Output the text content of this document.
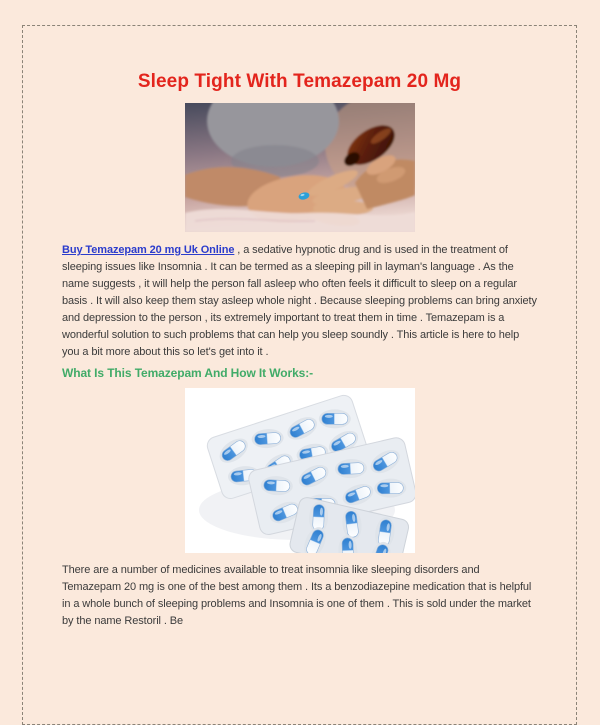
Sleep Tight With Temazepam 20 Mg

Buy Temazepam 20 mg Uk Online , a sedative hypnotic drug and is used in the treatment of sleeping issues like Insomnia . It can be termed as a sleeping pill in layman's language . As the name suggests , it will help the person fall asleep who often feels it difficult to sleep on a regular basis . It will also keep them stay asleep whole night . Because sleeping problems can bring anxiety and depression to the person , its extremely important to treat them in time . Temazepam is a wonderful solution to such problems that can help you sleep soundly . This article is here to help you a bit more about this so let's get into it .

What Is This Temazepam And How It Works:-

There are a number of medicines available to treat insomnia like sleeping disorders and Temazepam 20 mg is one of the best among them . Its a benzodiazepine medication that is helpful in a whole bunch of sleeping problems and Insomnia is one of them . This is sold under the market by the name Restoril . Be
